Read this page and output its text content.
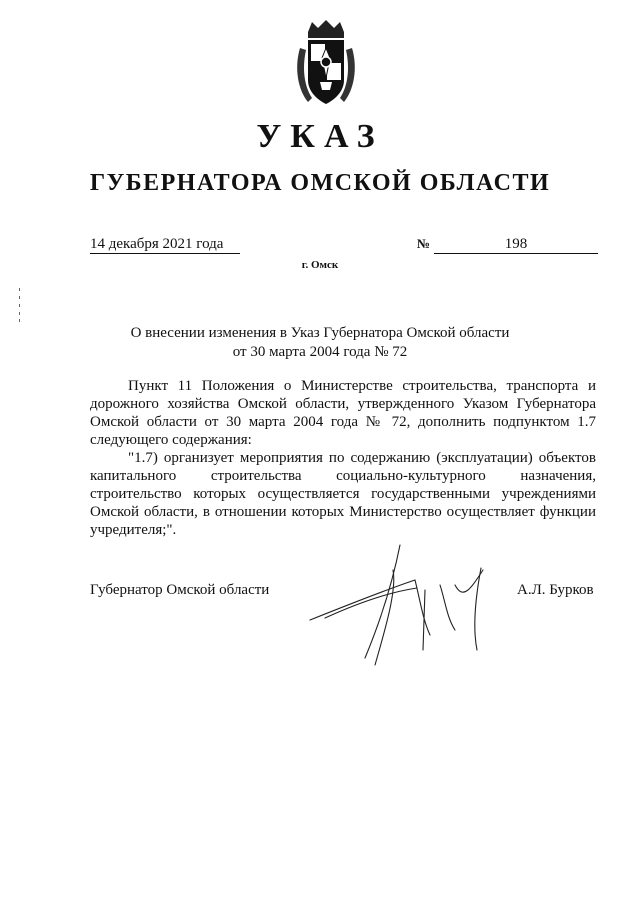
УКАЗ
ГУБЕРНАТОРА ОМСКОЙ ОБЛАСТИ
14 декабря 2021 года	№	198
г. Омск
О внесении изменения в Указ Губернатора Омской области
от 30 марта 2004 года № 72

Пункт 11 Положения о Министерстве строительства, транспорта и дорожного хозяйства Омской области, утвержденного Указом Губернатора Омской области от 30 марта 2004 года № 72, дополнить подпунктом 1.7 следующего содержания:

"1.7) организует мероприятия по содержанию (эксплуатации) объектов капитального строительства социально-культурного назначения, строительство которых осуществляется государственными учреждениями Омской области, в отношении которых Министерство осуществляет функции учредителя;".

Губернатор Омской области	А.Л. Бурков
